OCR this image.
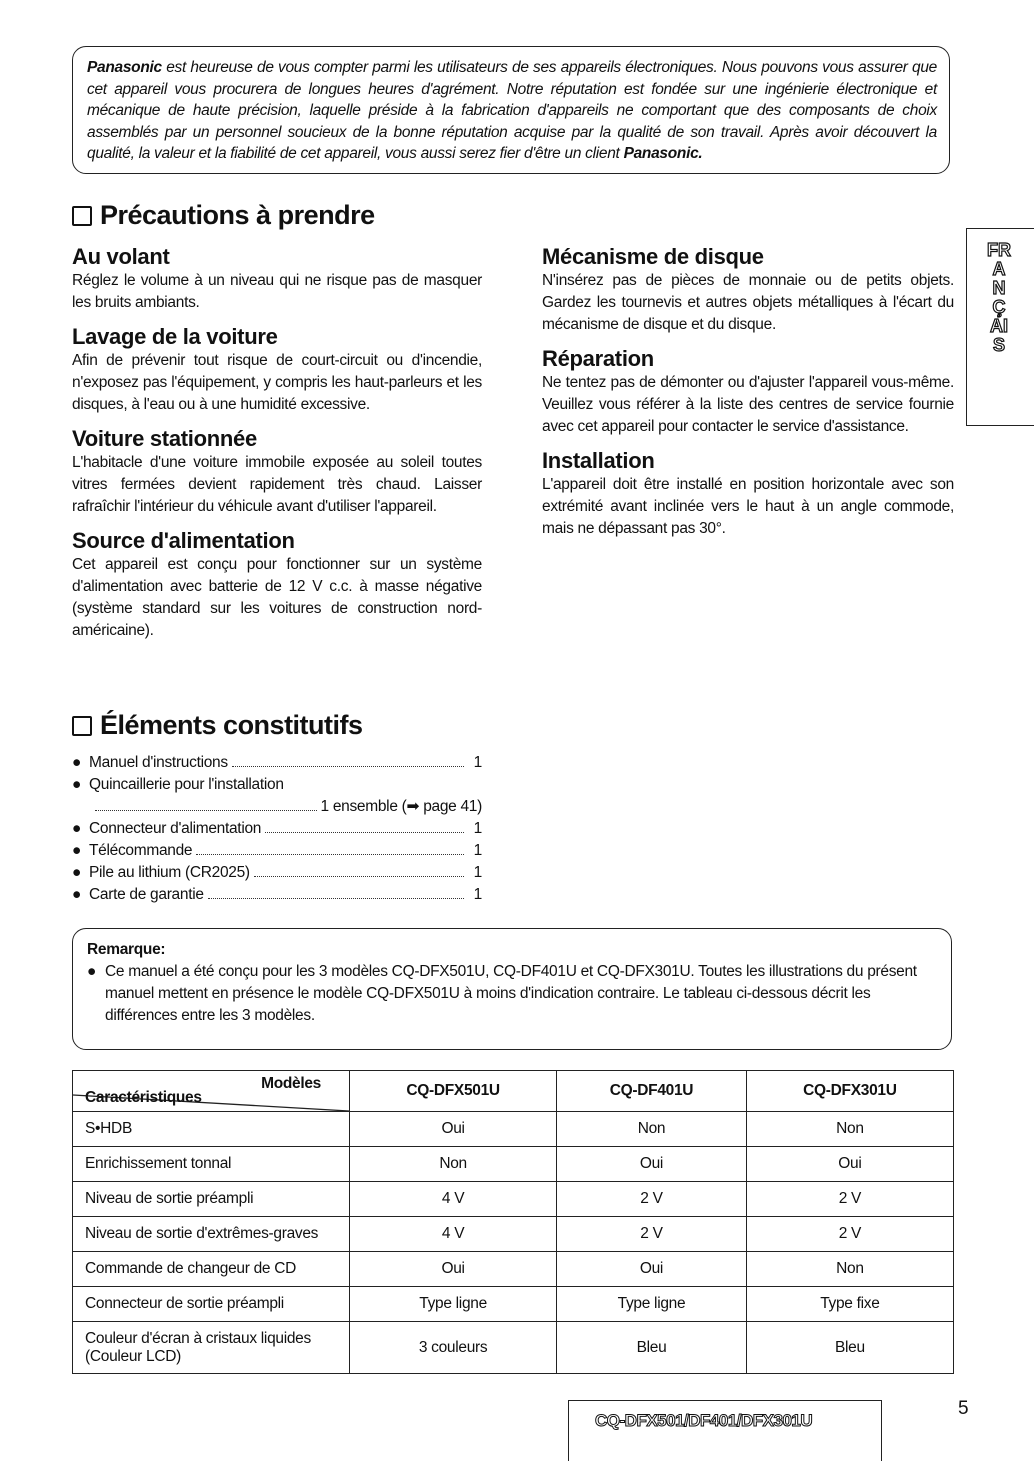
Panasonic est heureuse de vous compter parmi les utilisateurs de ses appareils électroniques. Nous pouvons vous assurer que cet appareil vous procurera de longues heures d'agrément. Notre réputation est fondée sur une ingénierie électronique et mécanique de haute précision, laquelle préside à la fabrication d'appareils ne comportant que des composants de choix assemblés par un personnel soucieux de la bonne réputation acquise par la qualité de son travail. Après avoir découvert la qualité, la valeur et la fiabilité de cet appareil, vous aussi serez fier d'être un client Panasonic.
Précautions à prendre
Au volant

Réglez le volume à un niveau qui ne risque pas de masquer les bruits ambiants.

Lavage de la voiture

Afin de prévenir tout risque de court-circuit ou d'incendie, n'exposez pas l'équipement, y compris les haut-parleurs et les disques, à l'eau ou à une humidité excessive.

Voiture stationnée

L'habitacle d'une voiture immobile exposée au soleil toutes vitres fermées devient rapidement très chaud. Laisser rafraîchir l'intérieur du véhicule avant d'utiliser l'appareil.

Source d'alimentation

Cet appareil est conçu pour fonctionner sur un système d'alimentation avec batterie de 12 V c.c. à masse négative (système standard sur les voitures de construction nord-américaine).

Mécanisme de disque

N'insérez pas de pièces de monnaie ou de petits objets. Gardez les tournevis et autres objets métalliques à l'écart du mécanisme de disque et du disque.

Réparation

Ne tentez pas de démonter ou d'ajuster l'appareil vous-même. Veuillez vous référer à la liste des centres de service fournie avec cet appareil pour contacter le service d'assistance.

Installation

L'appareil doit être installé en position horizontale avec son extrémité avant inclinée vers le haut à un angle commode, mais ne dépassant pas 30°.

FRANÇAIS
Éléments constitutifs
● Manuel d'instructions	1
● Quincaillerie pour l'installation
1 ensemble (➡ page 41)
● Connecteur d'alimentation	1
● Télécommande	1
● Pile au lithium (CR2025)	1
● Carte de garantie	1
Remarque:
● Ce manuel a été conçu pour les 3 modèles CQ-DFX501U, CQ-DF401U et CQ-DFX301U. Toutes les illustrations du présent manuel mettent en présence le modèle CQ-DFX501U à moins d'indication contraire. Le tableau ci-dessous décrit les différences entre les 3 modèles.
Modèles
Caractéristiques	CQ-DFX501U	CQ-DF401U	CQ-DFX301U
S•HDB	Oui	Non	Non
Enrichissement tonnal	Non	Oui	Oui
Niveau de sortie préampli	4 V	2 V	2 V
Niveau de sortie d'extrêmes-graves	4 V	2 V	2 V
Commande de changeur de CD	Oui	Oui	Non
Connecteur de sortie préampli	Type ligne	Type ligne	Type fixe
Couleur d'écran à cristaux liquides (Couleur LCD)	3 couleurs	Bleu	Bleu
5
CQ-DFX501/DF401/DFX301U
